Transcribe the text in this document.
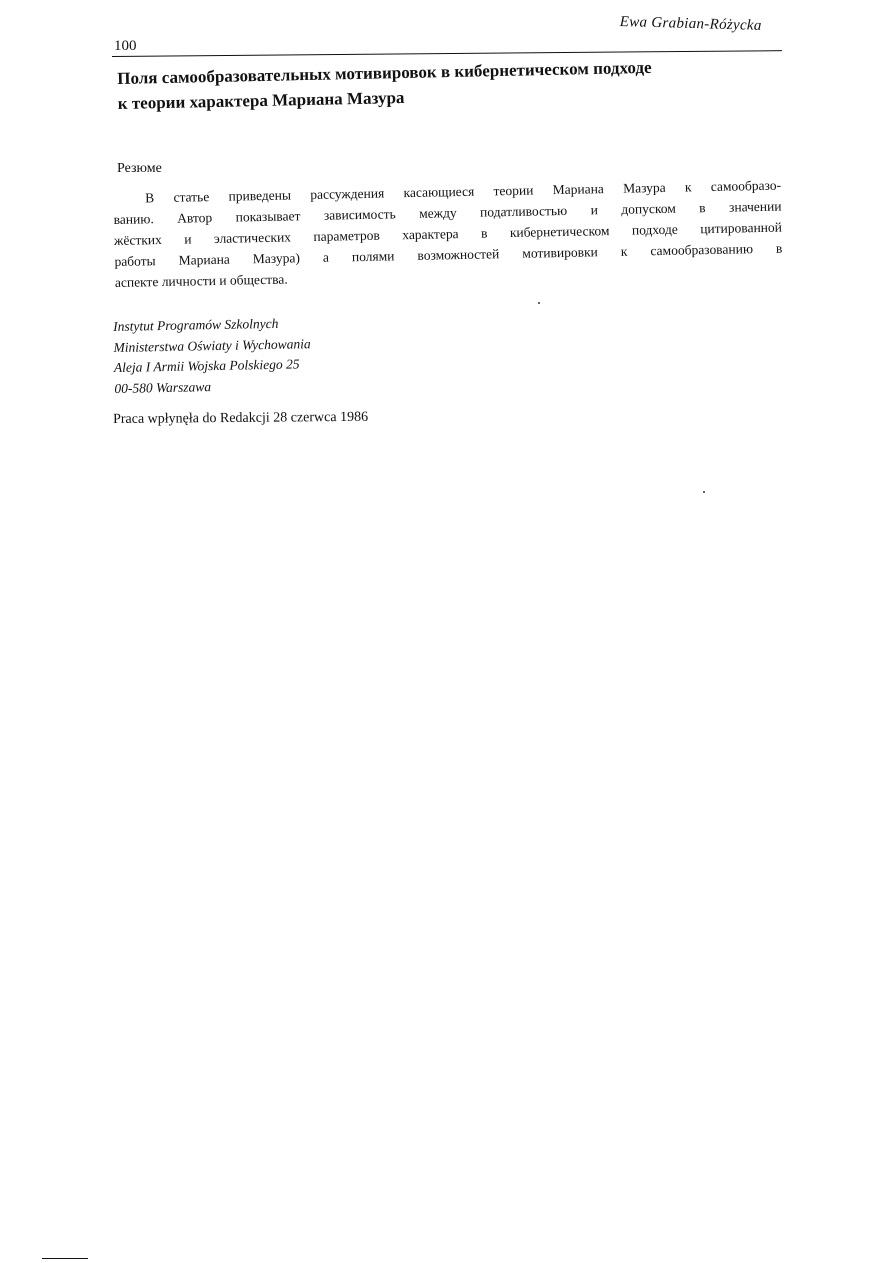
Ewa Grabian-Różycka
100
Поля самообразовательных мотивировок в кибернетическом подходе
к теории характера Мариана Мазура
Резюме
В статье приведены рассуждения касающиеся теории Мариана Мазура к самообразо-
ванию. Автор показывает зависимость между податливостью и допуском в значении
жёстких и эластических параметров характера в кибернетическом подходе цитированной
работы Мариана Мазура) а полями возможностей мотивировки к самообразованию в
аспекте личности и общества.
Instytut Programów Szkolnych
Ministerstwa Oświaty i Wychowania
Aleja I Armii Wojska Polskiego 25
00-580 Warszawa
Praca wpłynęła do Redakcji 28 czerwca 1986
